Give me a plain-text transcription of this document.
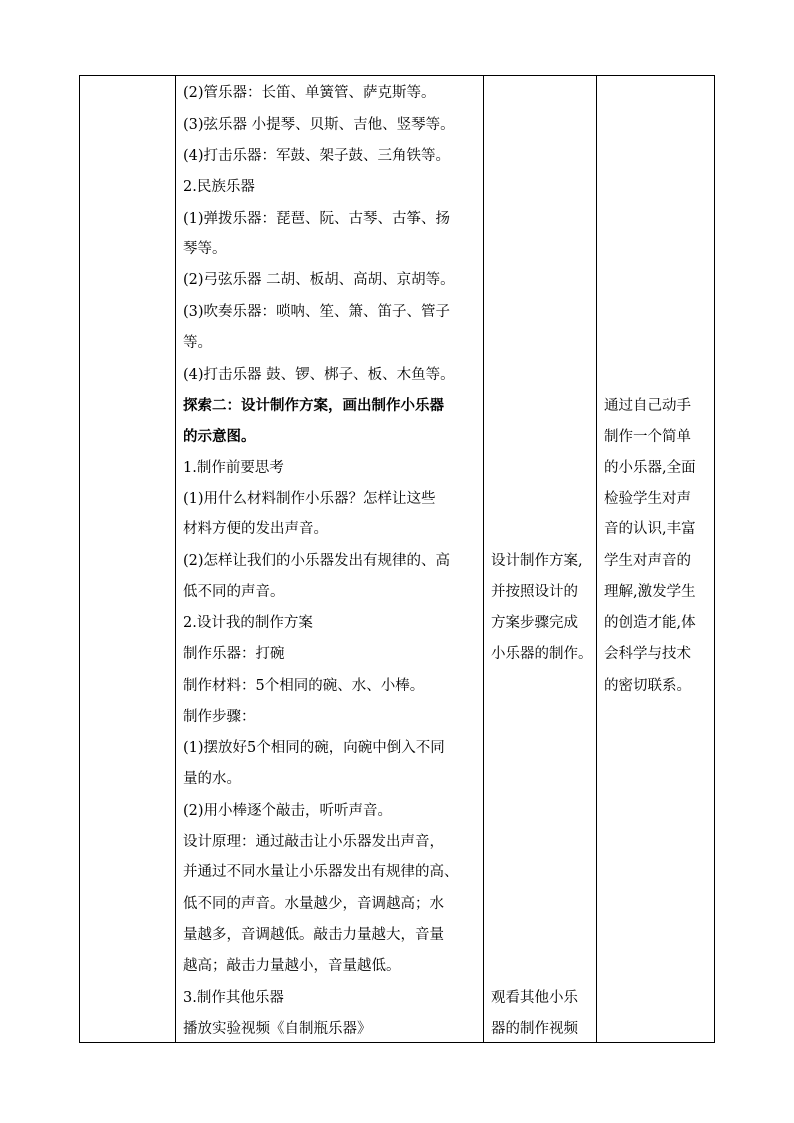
(2)管乐器：长笛、单簧管、萨克斯等。
(3)弦乐器 小提琴、贝斯、吉他、竖琴等。
(4)打击乐器：军鼓、架子鼓、三角铁等。
2.民族乐器
(1)弹拨乐器：琵琶、阮、古琴、古筝、扬
琴等。
(2)弓弦乐器 二胡、板胡、高胡、京胡等。
(3)吹奏乐器：唢呐、笙、箫、笛子、管子
等。
(4)打击乐器 鼓、锣、梆子、板、木鱼等。
探索二：设计制作方案，画出制作小乐器
的示意图。
1.制作前要思考
(1)用什么材料制作小乐器？怎样让这些
材料方便的发出声音。
(2)怎样让我们的小乐器发出有规律的、高
低不同的声音。
2.设计我的制作方案
制作乐器：打碗
制作材料：5个相同的碗、水、小棒。
制作步骤：
(1)摆放好5个相同的碗，向碗中倒入不同
量的水。
(2)用小棒逐个敲击，听听声音。
设计原理：通过敲击让小乐器发出声音，
并通过不同水量让小乐器发出有规律的高、
低不同的声音。水量越少，音调越高；水
量越多，音调越低。敲击力量越大，音量
越高；敲击力量越小，音量越低。
3.制作其他乐器
播放实验视频《自制瓶乐器》
设计制作方案,
并按照设计的
方案步骤完成
小乐器的制作。
观看其他小乐
器的制作视频
通过自己动手
制作一个简单
的小乐器,全面
检验学生对声
音的认识,丰富
学生对声音的
理解,激发学生
的创造才能,体
会科学与技术
的密切联系。
